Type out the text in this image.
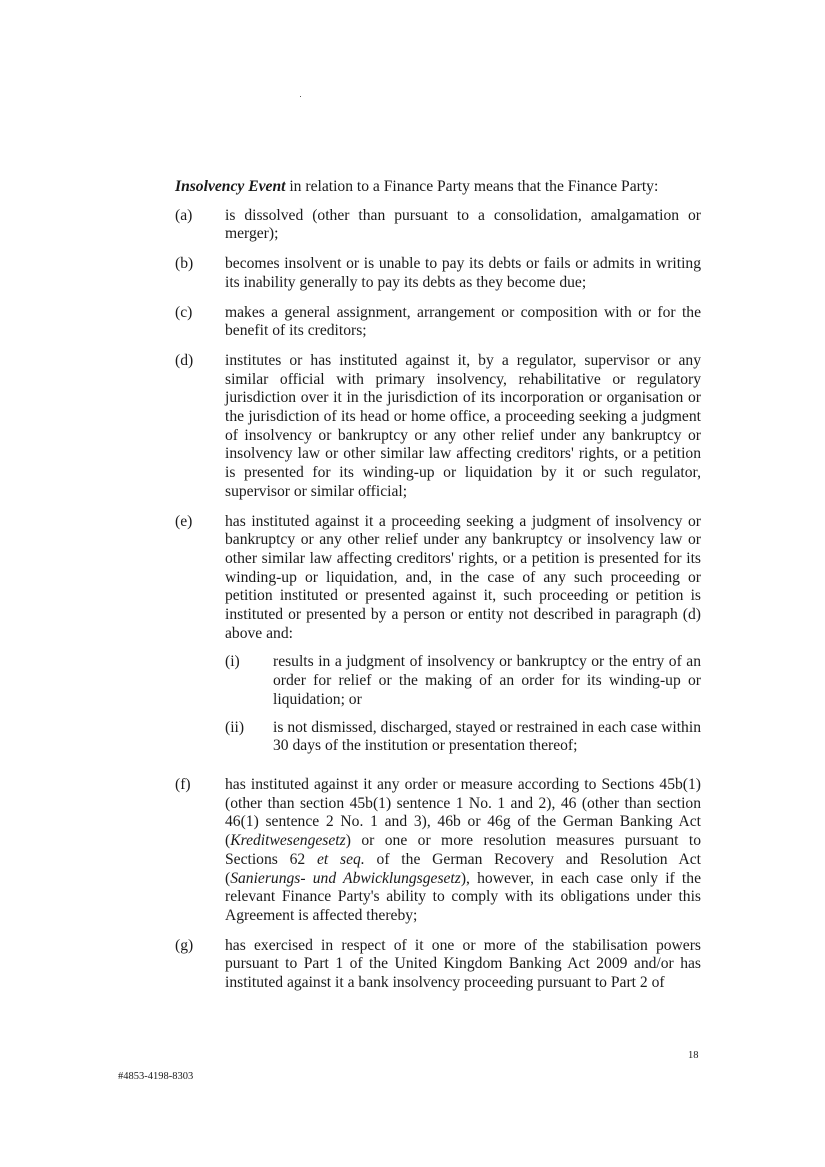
Insolvency Event in relation to a Finance Party means that the Finance Party:

(a)	is dissolved (other than pursuant to a consolidation, amalgamation or merger);
(b)	becomes insolvent or is unable to pay its debts or fails or admits in writing its inability generally to pay its debts as they become due;
(c)	makes a general assignment, arrangement or composition with or for the benefit of its creditors;
(d)	institutes or has instituted against it, by a regulator, supervisor or any similar official with primary insolvency, rehabilitative or regulatory jurisdiction over it in the jurisdiction of its incorporation or organisation or the jurisdiction of its head or home office, a proceeding seeking a judgment of insolvency or bankruptcy or any other relief under any bankruptcy or insolvency law or other similar law affecting creditors' rights, or a petition is presented for its winding-up or liquidation by it or such regulator, supervisor or similar official;
(e)	has instituted against it a proceeding seeking a judgment of insolvency or bankruptcy or any other relief under any bankruptcy or insolvency law or other similar law affecting creditors' rights, or a petition is presented for its winding-up or liquidation, and, in the case of any such proceeding or petition instituted or presented against it, such proceeding or petition is instituted or presented by a person or entity not described in paragraph (d) above and:
(i)	results in a judgment of insolvency or bankruptcy or the entry of an order for relief or the making of an order for its winding-up or liquidation; or
(ii)	is not dismissed, discharged, stayed or restrained in each case within 30 days of the institution or presentation thereof;
(f)	has instituted against it any order or measure according to Sections 45b(1) (other than section 45b(1) sentence 1 No. 1 and 2), 46 (other than section 46(1) sentence 2 No. 1 and 3), 46b or 46g of the German Banking Act (Kreditwesengesetz) or one or more resolution measures pursuant to Sections 62 et seq. of the German Recovery and Resolution Act (Sanierungs- und Abwicklungsgesetz), however, in each case only if the relevant Finance Party's ability to comply with its obligations under this Agreement is affected thereby;
(g)	has exercised in respect of it one or more of the stabilisation powers pursuant to Part 1 of the United Kingdom Banking Act 2009 and/or has instituted against it a bank insolvency proceeding pursuant to Part 2 of
18
#4853-4198-8303
